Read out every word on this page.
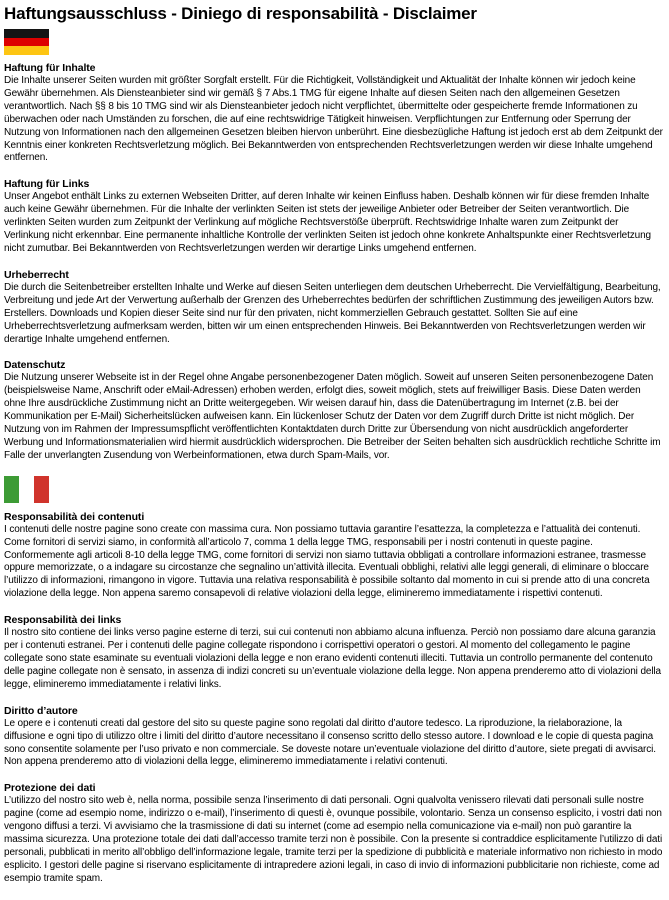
Haftungsausschluss - Diniego di responsabilità - Disclaimer
Haftung für Inhalte

Die Inhalte unserer Seiten wurden mit größter Sorgfalt erstellt. Für die Richtigkeit, Vollständigkeit und Aktualität der Inhalte können wir jedoch keine Gewähr übernehmen. Als Diensteanbieter sind wir gemäß § 7 Abs.1 TMG für eigene Inhalte auf diesen Seiten nach den allgemeinen Gesetzen verantwortlich. Nach §§ 8 bis 10 TMG sind wir als Diensteanbieter jedoch nicht verpflichtet, übermittelte oder gespeicherte fremde Informationen zu überwachen oder nach Umständen zu forschen, die auf eine rechtswidrige Tätigkeit hinweisen. Verpflichtungen zur Entfernung oder Sperrung der Nutzung von Informationen nach den allgemeinen Gesetzen bleiben hiervon unberührt. Eine diesbezügliche Haftung ist jedoch erst ab dem Zeitpunkt der Kenntnis einer konkreten Rechtsverletzung möglich. Bei Bekanntwerden von entsprechenden Rechtsverletzungen werden wir diese Inhalte umgehend entfernen.

Haftung für Links

Unser Angebot enthält Links zu externen Webseiten Dritter, auf deren Inhalte wir keinen Einfluss haben. Deshalb können wir für diese fremden Inhalte auch keine Gewähr übernehmen. Für die Inhalte der verlinkten Seiten ist stets der jeweilige Anbieter oder Betreiber der Seiten verantwortlich. Die verlinkten Seiten wurden zum Zeitpunkt der Verlinkung auf mögliche Rechtsverstöße überprüft. Rechtswidrige Inhalte waren zum Zeitpunkt der Verlinkung nicht erkennbar. Eine permanente inhaltliche Kontrolle der verlinkten Seiten ist jedoch ohne konkrete Anhaltspunkte einer Rechtsverletzung nicht zumutbar. Bei Bekanntwerden von Rechtsverletzungen werden wir derartige Links umgehend entfernen.

Urheberrecht

Die durch die Seitenbetreiber erstellten Inhalte und Werke auf diesen Seiten unterliegen dem deutschen Urheberrecht. Die Vervielfältigung, Bearbeitung, Verbreitung und jede Art der Verwertung außerhalb der Grenzen des Urheberrechtes bedürfen der schriftlichen Zustimmung des jeweiligen Autors bzw. Erstellers. Downloads und Kopien dieser Seite sind nur für den privaten, nicht kommerziellen Gebrauch gestattet. Sollten Sie auf eine Urheberrechtsverletzung aufmerksam werden, bitten wir um einen entsprechenden Hinweis. Bei Bekanntwerden von Rechtsverletzungen werden wir derartige Inhalte umgehend entfernen.

Datenschutz

Die Nutzung unserer Webseite ist in der Regel ohne Angabe personenbezogener Daten möglich. Soweit auf unseren Seiten personenbezogene Daten (beispielsweise Name, Anschrift oder eMail-Adressen) erhoben werden, erfolgt dies, soweit möglich, stets auf freiwilliger Basis. Diese Daten werden ohne Ihre ausdrückliche Zustimmung nicht an Dritte weitergegeben. Wir weisen darauf hin, dass die Datenübertragung im Internet (z.B. bei der Kommunikation per E-Mail) Sicherheitslücken aufweisen kann. Ein lückenloser Schutz der Daten vor dem Zugriff durch Dritte ist nicht möglich. Der Nutzung von im Rahmen der Impressumspflicht veröffentlichten Kontaktdaten durch Dritte zur Übersendung von nicht ausdrücklich angeforderter Werbung und Informationsmaterialien wird hiermit ausdrücklich widersprochen. Die Betreiber der Seiten behalten sich ausdrücklich rechtliche Schritte im Falle der unverlangten Zusendung von Werbeinformationen, etwa durch Spam-Mails, vor.

Responsabilità dei contenuti

I contenuti delle nostre pagine sono create con massima cura. Non possiamo tuttavia garantire l’esattezza, la completezza e l’attualità dei contenuti. Come fornitori di servizi siamo, in conformità all’articolo 7, comma 1 della legge TMG, responsabili per i nostri contenuti in queste pagine. Conformemente agli articoli 8-10 della legge TMG, come fornitori di servizi non siamo tuttavia obbligati a controllare informazioni estranee, trasmesse oppure memorizzate, o a indagare su circostanze che segnalino un’attività illecita. Eventuali obblighi, relativi alle leggi generali, di eliminare o bloccare l’utilizzo di informazioni, rimangono in vigore. Tuttavia una relativa responsabilità è possibile soltanto dal momento in cui si prende atto di una concreta violazione della legge. Non appena saremo consapevoli di relative violazioni della legge, elimineremo immediatamente i rispettivi contenuti.

Responsabilità dei links

Il nostro sito contiene dei links verso pagine esterne di terzi, sui cui contenuti non abbiamo alcuna influenza. Perciò non possiamo dare alcuna garanzia per i contenuti estranei. Per i contenuti delle pagine collegate rispondono i corrispettivi operatori o gestori. Al momento del collegamento le pagine collegate sono state esaminate su eventuali violazioni della legge e non erano evidenti contenuti illeciti. Tuttavia un controllo permanente del contenuto delle pagine collegate non è sensato, in assenza di indizi concreti su un’eventuale violazione della legge. Non appena prenderemo atto di violazioni della legge, elimineremo immediatamente i relativi links.

Diritto d’autore

Le opere e i contenuti creati dal gestore del sito su queste pagine sono regolati dal diritto d’autore tedesco. La riproduzione, la rielaborazione, la diffusione e ogni tipo di utilizzo oltre i limiti del diritto d’autore necessitano il consenso scritto dello stesso autore. I download e le copie di questa pagina sono consentite solamente per l’uso privato e non commerciale. Se doveste notare un’eventuale violazione del diritto d’autore, siete pregati di avvisarci. Non appena prenderemo atto di violazioni della legge, elimineremo immediatamente i relativi contenuti.

Protezione dei dati

L’utilizzo del nostro sito web è, nella norma, possibile senza l’inserimento di dati personali. Ogni qualvolta venissero rilevati dati personali sulle nostre pagine (come ad esempio nome, indirizzo o e-mail), l’inserimento di questi è, ovunque possibile, volontario. Senza un consenso esplicito, i vostri dati non vengono diffusi a terzi. Vi avvisiamo che la trasmissione di dati su internet (come ad esempio nella comunicazione via e-mail) non può garantire la massima sicurezza. Una protezione totale dei dati dall’accesso tramite terzi non è possibile. Con la presente si contraddice esplicitamente l’utilizzo di dati personali, pubblicati in merito all’obbligo dell’informazione legale, tramite terzi per la spedizione di pubblicità e materiale informativo non richiesto in modo esplicito. I gestori delle pagine si riservano esplicitamente di intrapredere azioni legali, in caso di invio di informazioni pubblicitarie non richieste, come ad esempio tramite spam.
